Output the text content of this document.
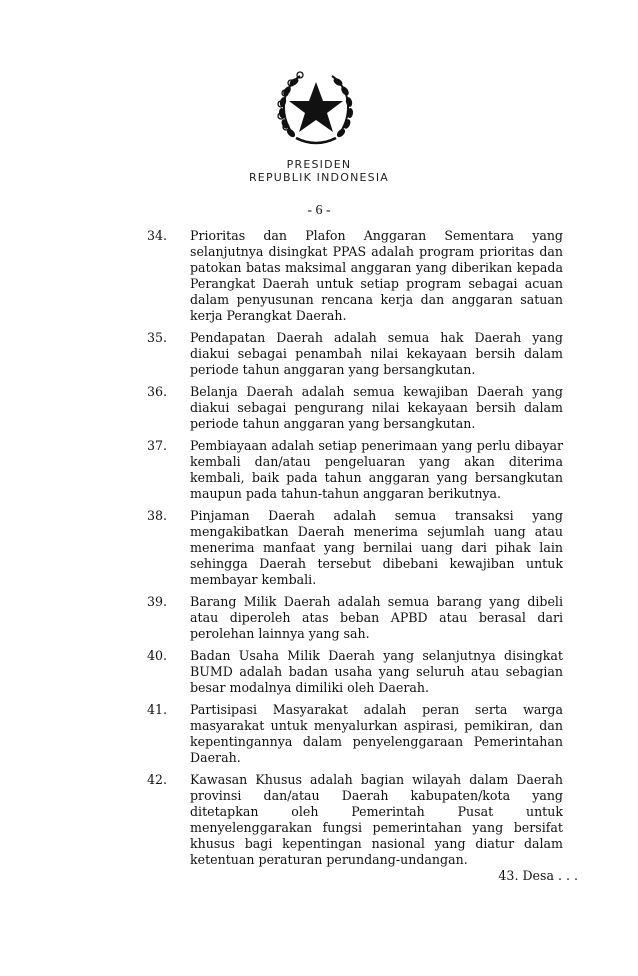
PRESIDEN
REPUBLIK INDONESIA
- 6 -
34.	Prioritas dan Plafon Anggaran Sementara yang selanjutnya disingkat PPAS adalah program prioritas dan patokan batas maksimal anggaran yang diberikan kepada Perangkat Daerah untuk setiap program sebagai acuan dalam penyusunan rencana kerja dan anggaran satuan kerja Perangkat Daerah.
35.	Pendapatan Daerah adalah semua hak Daerah yang diakui sebagai penambah nilai kekayaan bersih dalam periode tahun anggaran yang bersangkutan.
36.	Belanja Daerah adalah semua kewajiban Daerah yang diakui sebagai pengurang nilai kekayaan bersih dalam periode tahun anggaran yang bersangkutan.
37.	Pembiayaan adalah setiap penerimaan yang perlu dibayar kembali dan/atau pengeluaran yang akan diterima kembali, baik pada tahun anggaran yang bersangkutan maupun pada tahun-tahun anggaran berikutnya.
38.	Pinjaman Daerah adalah semua transaksi yang mengakibatkan Daerah menerima sejumlah uang atau menerima manfaat yang bernilai uang dari pihak lain sehingga Daerah tersebut dibebani kewajiban untuk membayar kembali.
39.	Barang Milik Daerah adalah semua barang yang dibeli atau diperoleh atas beban APBD atau berasal dari perolehan lainnya yang sah.
40.	Badan Usaha Milik Daerah yang selanjutnya disingkat BUMD adalah badan usaha yang seluruh atau sebagian besar modalnya dimiliki oleh Daerah.
41.	Partisipasi Masyarakat adalah peran serta warga masyarakat untuk menyalurkan aspirasi, pemikiran, dan kepentingannya dalam penyelenggaraan Pemerintahan Daerah.
42.	Kawasan Khusus adalah bagian wilayah dalam Daerah provinsi dan/atau Daerah kabupaten/kota yang ditetapkan oleh Pemerintah Pusat untuk menyelenggarakan fungsi pemerintahan yang bersifat khusus bagi kepentingan nasional yang diatur dalam ketentuan peraturan perundang-undangan.
43. Desa . . .
